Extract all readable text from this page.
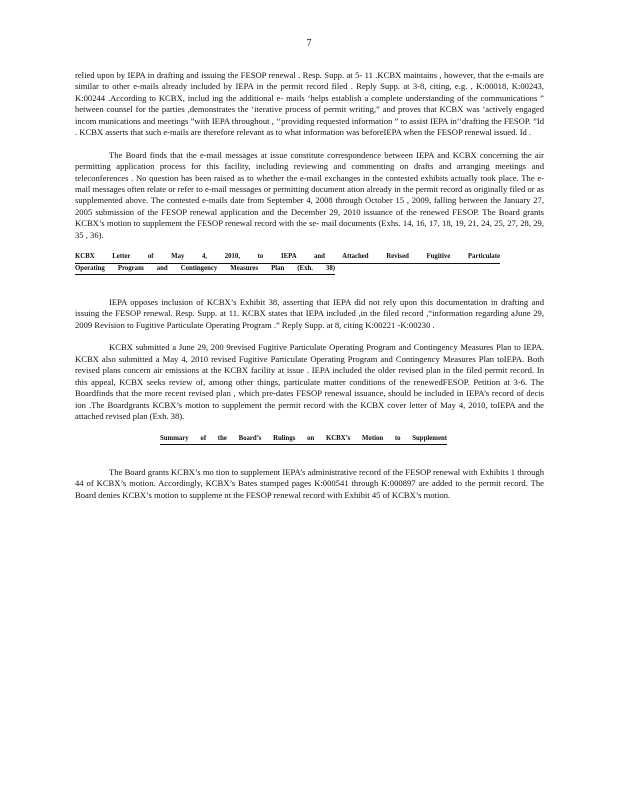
7

relied upon by IEPA in drafting and issuing the FESOP renewal . Resp. Supp. at 5- 11 .KCBX maintains , however, that the e-mails are similar to other e-mails already included by IEPA in the permit record filed . Reply Supp. at 3-8, citing, e.g. , K:00018, K:00243, K:00244 .According to KCBX, includ ing the additional e- mails ‘helps establish a complete understanding of the communications ” between counsel for the parties ,demonstrates the ‘iterative process of permit writing,” and proves that KCBX was ‘actively engaged incom munications and meetings ”with IEPA throughout , ‘‘providing requested information ” to assist IEPA in‘‘drafting the FESOP. ”Id . KCBX asserts that such e-mails are therefore relevant as to what information was beforeIEPA when the FESOP renewal issued. Id .

The Board finds that the e-mail messages at issue constitute correspondence between IEPA and KCBX concerning the air permitting application process for this facility, including reviewing and commenting on drafts and arranging meetings and teleconferences . No question has been raised as to whether the e-mail exchanges in the contested exhibits actually took place. The e-mail messages often relate or refer to e-mail messages or permitting document ation already in the permit record as originally filed or as supplemented above. The contested e-mails date from September 4, 2008 through October 15 , 2009, falling between the January 27, 2005 submission of the FESOP renewal application and the December 29, 2010 issuance of the renewed FESOP. The Board grants KCBX’s motion to supplement the FESOP renewal record with the se- mail documents (Exhs. 14, 16, 17, 18, 19, 21, 24, 25, 27, 28, 29, 35 , 36).

KCBX Letter of May 4, 2010, to IEPA and Attached Revised Fugitive Particulate
Operating Program and Contingency Measures Plan (Exh. 38)

IEPA opposes inclusion of KCBX’s Exhibit 38, asserting that IEPA did not rely upon this documentation in drafting and issuing the FESOP renewal. Resp. Supp. at 11. KCBX states that IEPA included ,in the filed record ,“information regarding aJune 29, 2009 Revision to Fugitive Particulate Operating Program .” Reply Supp. at 8, citing K:00221 -K:00230 .

KCBX submitted a June 29, 200 9revised Fugitive Particulate Operating Program and Contingency Measures Plan to IEPA. KCBX also submitted a May 4, 2010 revised Fugitive Particulate Operating Program and Contingency Measures Plan toIEPA. Both revised plans concern air emissions at the KCBX facility at issue . IEPA included the older revised plan in the filed permit record. In this appeal, KCBX seeks review of, among other things, particulate matter conditions of the renewedFESOP. Petition at 3-6. The Boardfinds that the more recent revised plan , which pre-dates FESOP renewal issuance, should be included in IEPA’s record of decis ion .The Boardgrants KCBX’s motion to supplement the permit record with the KCBX cover letter of May 4, 2010, toIEPA and the attached revised plan (Exh. 38).

Summary of the Board’s Rulings on KCBX’s Motion to Supplement

The Board grants KCBX’s mo tion to supplement IEPA’s administrative record of the FESOP renewal with Exhibits 1 through 44 of KCBX’s motion. Accordingly, KCBX’s Bates stamped pages K:000541 through K:000897 are added to the permit record. The Board denies KCBX’s motion to suppleme nt the FESOP renewal record with Exhibit 45 of KCBX’s motion.
